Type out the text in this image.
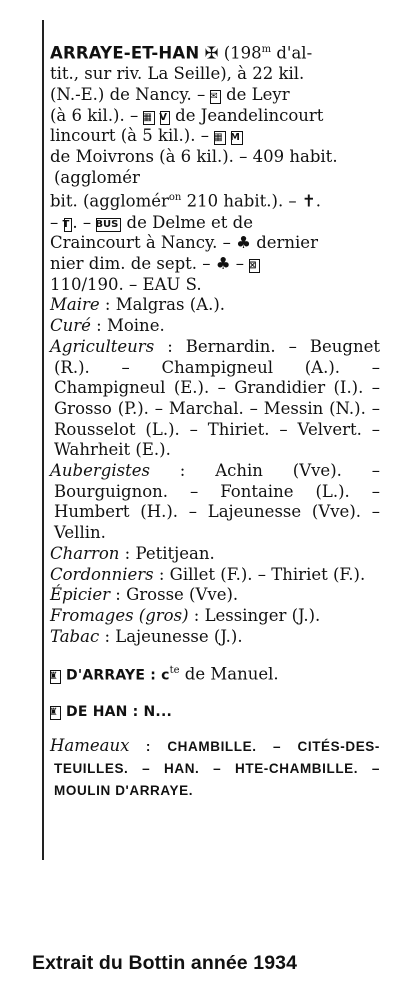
ARRAYE-ET-HAN ✠ (198$^m$ d'al-

tit., sur riv. La Seille), à 22 kil.

(N.-E.) de Nancy. – ✉ de Leyr

(à 6 kil.). – ▦ V de Jeandelincourt

lincourt (à 5 kil.). – ▦ M

de Moivrons (à 6 kil.). – 409 habit. (agglomér

bit. (agglomér$^{on}$ 210 habit.). – ✝.

– T . – BUS de Delme et de

Craincourt à Nancy. – ♣ dernier

nier dim. de sept. – ♣ – ⊠

110/190. – EAU S.

Maire : Malgras (A.).

Curé : Moine.

Agriculteurs : Bernardin. – Beugnet (R.). – Champigneul (A.). – Champigneul (E.). – Grandidier (I.). – Grosso (P.). – Marchal. – Messin (N.). – Rousselot (L.). – Thiriet. – Velvert. – Wahrheit (E.).

Aubergistes : Achin (Vve). – Bourguignon. – Fontaine (L.). – Humbert (H.). – Lajeunesse (Vve). – Vellin.

Charron : Petitjean.

Cordonniers : Gillet (F.). – Thiriet (F.).

Épicier : Grosse (Vve).

Fromages (gros) : Lessinger (J.).

Tabac : Lajeunesse (J.).

♜ D'ARRAYE : $c^{te}$ de Manuel.

♜ DE HAN : N...

Hameaux : CHAMBILLE. – CITÉS-DES-TEUILLES. – HAN. – HTE-CHAMBILLE. – MOULIN D'ARRAYE.

Extrait du Bottin année 1934
